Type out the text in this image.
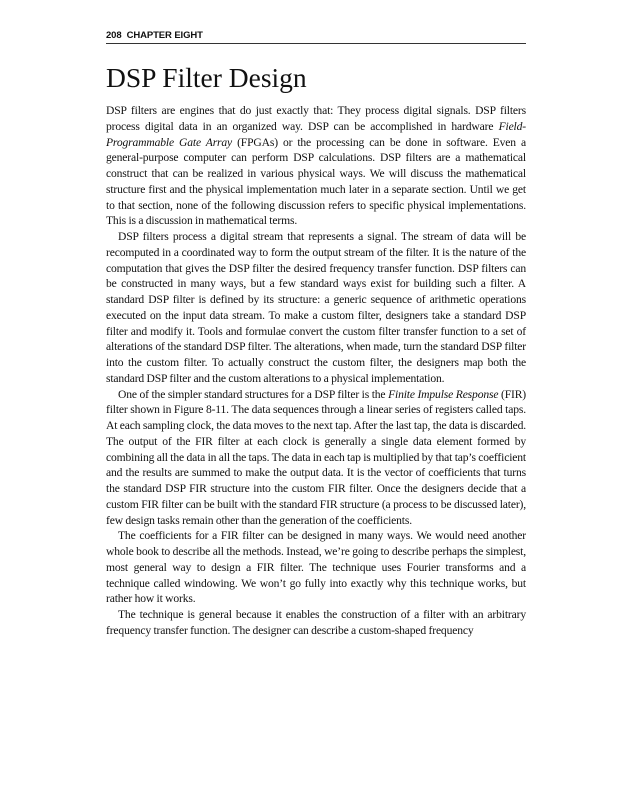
208 CHAPTER EIGHT
DSP Filter Design

DSP filters are engines that do just exactly that: They process digital signals. DSP filters process digital data in an organized way. DSP can be accomplished in hardware Field-Programmable Gate Array (FPGAs) or the processing can be done in software. Even a general-purpose computer can perform DSP calculations. DSP filters are a mathematical construct that can be realized in various physical ways. We will discuss the mathematical structure first and the physical implementation much later in a separate section. Until we get to that section, none of the following discussion refers to specific physical implementations. This is a discussion in mathematical terms.

DSP filters process a digital stream that represents a signal. The stream of data will be recomputed in a coordinated way to form the output stream of the filter. It is the nature of the computation that gives the DSP filter the desired frequency transfer function. DSP filters can be constructed in many ways, but a few standard ways exist for building such a filter. A standard DSP filter is defined by its structure: a generic sequence of arithmetic operations executed on the input data stream. To make a custom filter, designers take a standard DSP filter and modify it. Tools and formulae convert the custom filter transfer function to a set of alterations of the standard DSP filter. The alterations, when made, turn the standard DSP filter into the custom filter. To actually construct the custom filter, the designers map both the standard DSP filter and the custom alterations to a physical implementation.

One of the simpler standard structures for a DSP filter is the Finite Impulse Response (FIR) filter shown in Figure 8-11. The data sequences through a linear series of registers called taps. At each sampling clock, the data moves to the next tap. After the last tap, the data is discarded. The output of the FIR filter at each clock is generally a single data element formed by combining all the data in all the taps. The data in each tap is multiplied by that tap’s coefficient and the results are summed to make the output data. It is the vector of coefficients that turns the standard DSP FIR structure into the custom FIR filter. Once the designers decide that a custom FIR filter can be built with the standard FIR structure (a process to be discussed later), few design tasks remain other than the generation of the coefficients.

The coefficients for a FIR filter can be designed in many ways. We would need another whole book to describe all the methods. Instead, we’re going to describe perhaps the simplest, most general way to design a FIR filter. The technique uses Fourier transforms and a technique called windowing. We won’t go fully into exactly why this technique works, but rather how it works.

The technique is general because it enables the construction of a filter with an arbitrary frequency transfer function. The designer can describe a custom-shaped frequency
